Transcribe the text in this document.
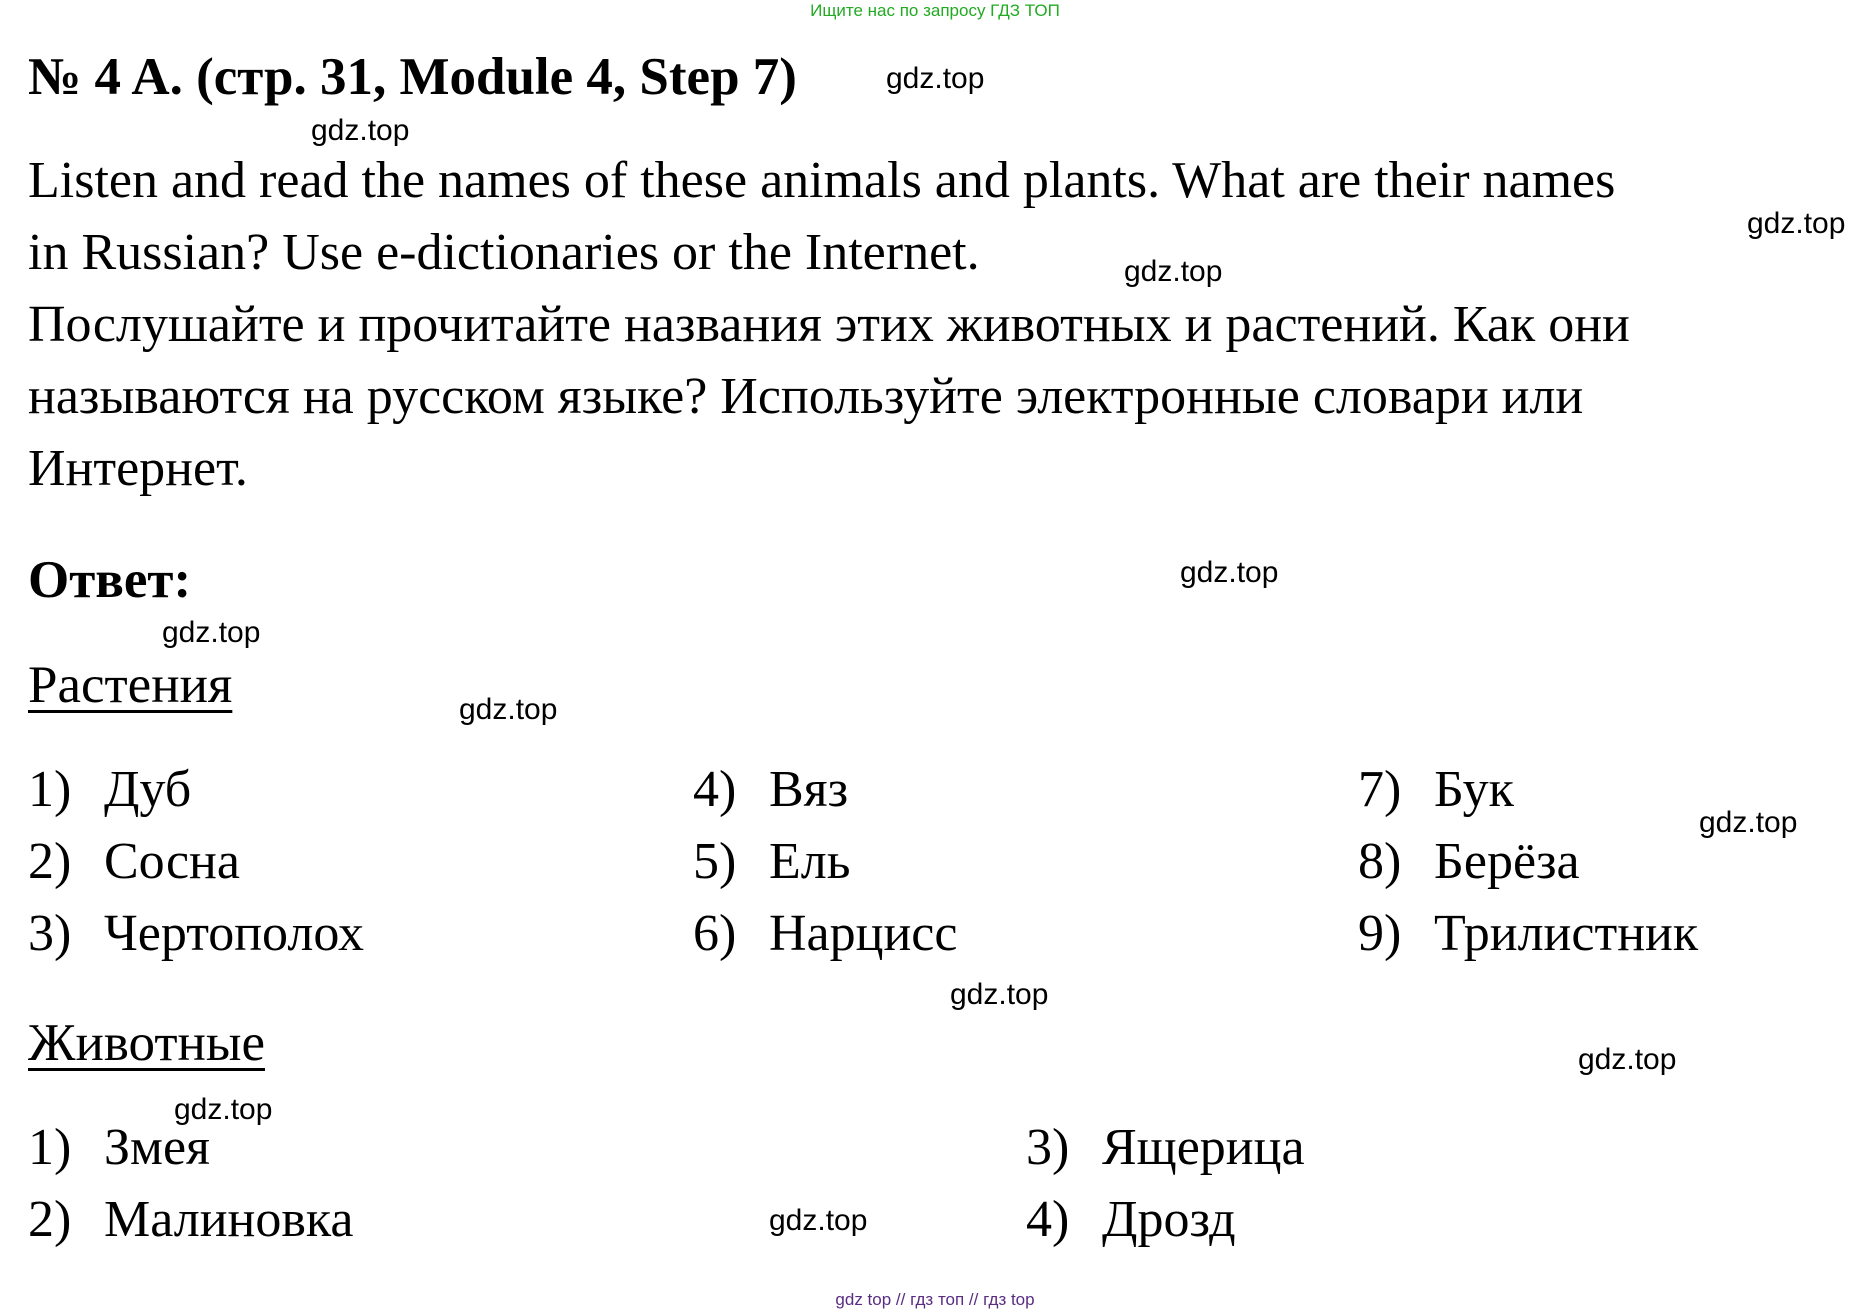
Ищите нас по запросу ГДЗ ТОП
№ 4 A. (стр. 31, Module 4, Step 7)
Listen and read the names of these animals and plants. What are their names
in Russian? Use e-dictionaries or the Internet.
Послушайте и прочитайте названия этих животных и растений. Как они
называются на русском языке? Используйте электронные словари или
Интернет.
Ответ:
Растения
1) Дуб
2) Сосна
3) Чертополох
4) Вяз
5) Ель
6) Нарцисс
7) Бук
8) Берёза
9) Трилистник
Животные
1) Змея
2) Малиновка
3) Ящерица
4) Дрозд
gdz.top
gdz.top
gdz.top
gdz.top
gdz.top
gdz.top
gdz.top
gdz.top
gdz.top
gdz.top
gdz.top
gdz.top
gdz top // гдз топ // гдз top
